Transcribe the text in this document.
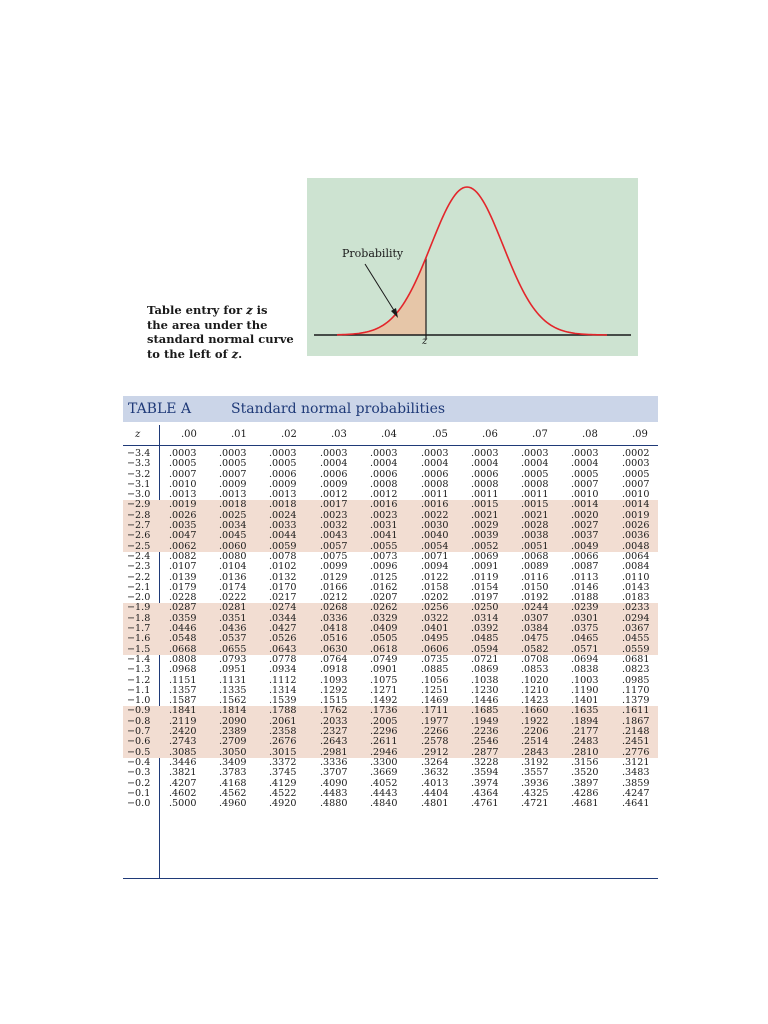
Table entry for z is
the area under the
standard normal curve
to the left of z.
Probability
z
TABLE A	Standard normal probabilities
z	.00	.01	.02	.03	.04	.05	.06	.07	.08	.09
−3.4 .0003 .0003 .0003 .0003 .0003 .0003 .0003 .0003 .0003 .0002
−3.3 .0005 .0005 .0005 .0004 .0004 .0004 .0004 .0004 .0004 .0003
−3.2 .0007 .0007 .0006 .0006 .0006 .0006 .0006 .0005 .0005 .0005
−3.1 .0010 .0009 .0009 .0009 .0008 .0008 .0008 .0008 .0007 .0007
−3.0 .0013 .0013 .0013 .0012 .0012 .0011 .0011 .0011 .0010 .0010
−2.9 .0019 .0018 .0018 .0017 .0016 .0016 .0015 .0015 .0014 .0014
−2.8 .0026 .0025 .0024 .0023 .0023 .0022 .0021 .0021 .0020 .0019
−2.7 .0035 .0034 .0033 .0032 .0031 .0030 .0029 .0028 .0027 .0026
−2.6 .0047 .0045 .0044 .0043 .0041 .0040 .0039 .0038 .0037 .0036
−2.5 .0062 .0060 .0059 .0057 .0055 .0054 .0052 .0051 .0049 .0048
−2.4 .0082 .0080 .0078 .0075 .0073 .0071 .0069 .0068 .0066 .0064
−2.3 .0107 .0104 .0102 .0099 .0096 .0094 .0091 .0089 .0087 .0084
−2.2 .0139 .0136 .0132 .0129 .0125 .0122 .0119 .0116 .0113 .0110
−2.1 .0179 .0174 .0170 .0166 .0162 .0158 .0154 .0150 .0146 .0143
−2.0 .0228 .0222 .0217 .0212 .0207 .0202 .0197 .0192 .0188 .0183
−1.9 .0287 .0281 .0274 .0268 .0262 .0256 .0250 .0244 .0239 .0233
−1.8 .0359 .0351 .0344 .0336 .0329 .0322 .0314 .0307 .0301 .0294
−1.7 .0446 .0436 .0427 .0418 .0409 .0401 .0392 .0384 .0375 .0367
−1.6 .0548 .0537 .0526 .0516 .0505 .0495 .0485 .0475 .0465 .0455
−1.5 .0668 .0655 .0643 .0630 .0618 .0606 .0594 .0582 .0571 .0559
−1.4 .0808 .0793 .0778 .0764 .0749 .0735 .0721 .0708 .0694 .0681
−1.3 .0968 .0951 .0934 .0918 .0901 .0885 .0869 .0853 .0838 .0823
−1.2 .1151 .1131 .1112 .1093 .1075 .1056 .1038 .1020 .1003 .0985
−1.1 .1357 .1335 .1314 .1292 .1271 .1251 .1230 .1210 .1190 .1170
−1.0 .1587 .1562 .1539 .1515 .1492 .1469 .1446 .1423 .1401 .1379
−0.9 .1841 .1814 .1788 .1762 .1736 .1711 .1685 .1660 .1635 .1611
−0.8 .2119 .2090 .2061 .2033 .2005 .1977 .1949 .1922 .1894 .1867
−0.7 .2420 .2389 .2358 .2327 .2296 .2266 .2236 .2206 .2177 .2148
−0.6 .2743 .2709 .2676 .2643 .2611 .2578 .2546 .2514 .2483 .2451
−0.5 .3085 .3050 .3015 .2981 .2946 .2912 .2877 .2843 .2810 .2776
−0.4 .3446 .3409 .3372 .3336 .3300 .3264 .3228 .3192 .3156 .3121
−0.3 .3821 .3783 .3745 .3707 .3669 .3632 .3594 .3557 .3520 .3483
−0.2 .4207 .4168 .4129 .4090 .4052 .4013 .3974 .3936 .3897 .3859
−0.1 .4602 .4562 .4522 .4483 .4443 .4404 .4364 .4325 .4286 .4247
−0.0 .5000 .4960 .4920 .4880 .4840 .4801 .4761 .4721 .4681 .4641
